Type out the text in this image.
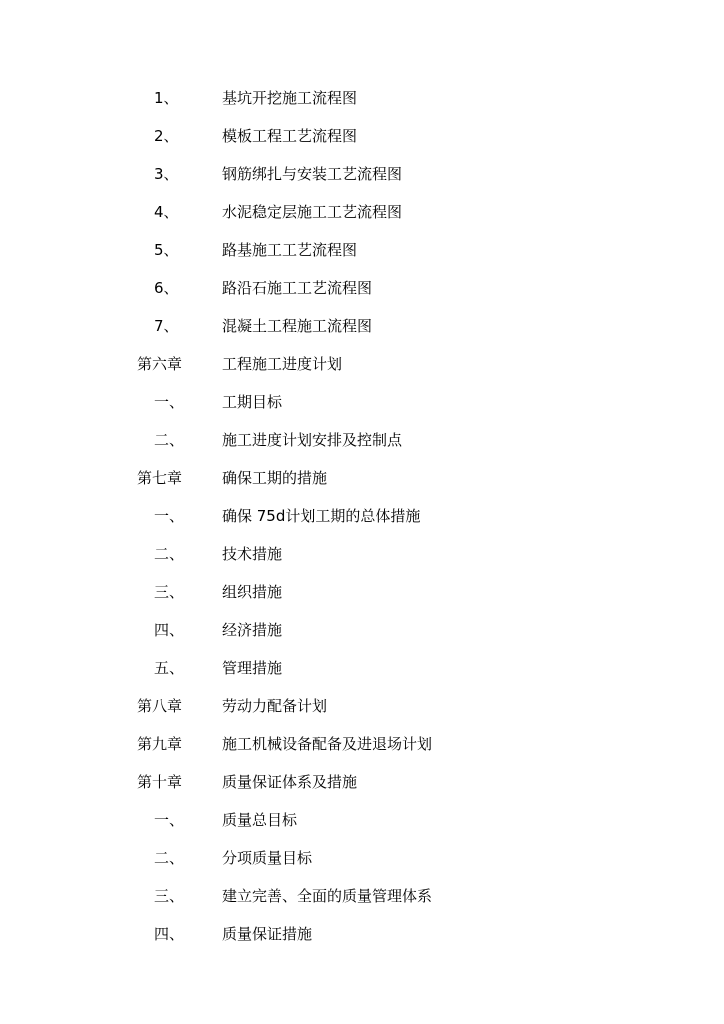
1、	基坑开挖施工流程图
2、	模板工程工艺流程图
3、	钢筋绑扎与安装工艺流程图
4、	水泥稳定层施工工艺流程图
5、	路基施工工艺流程图
6、	路沿石施工工艺流程图
7、	混凝土工程施工流程图
第六章	工程施工进度计划
一、	工期目标
二、	施工进度计划安排及控制点
第七章	确保工期的措施
一、	确保 75d计划工期的总体措施
二、	技术措施
三、	组织措施
四、	经济措施
五、	管理措施
第八章	劳动力配备计划
第九章	施工机械设备配备及进退场计划
第十章	质量保证体系及措施
一、	质量总目标
二、	分项质量目标
三、	建立完善、全面的质量管理体系
四、	质量保证措施
